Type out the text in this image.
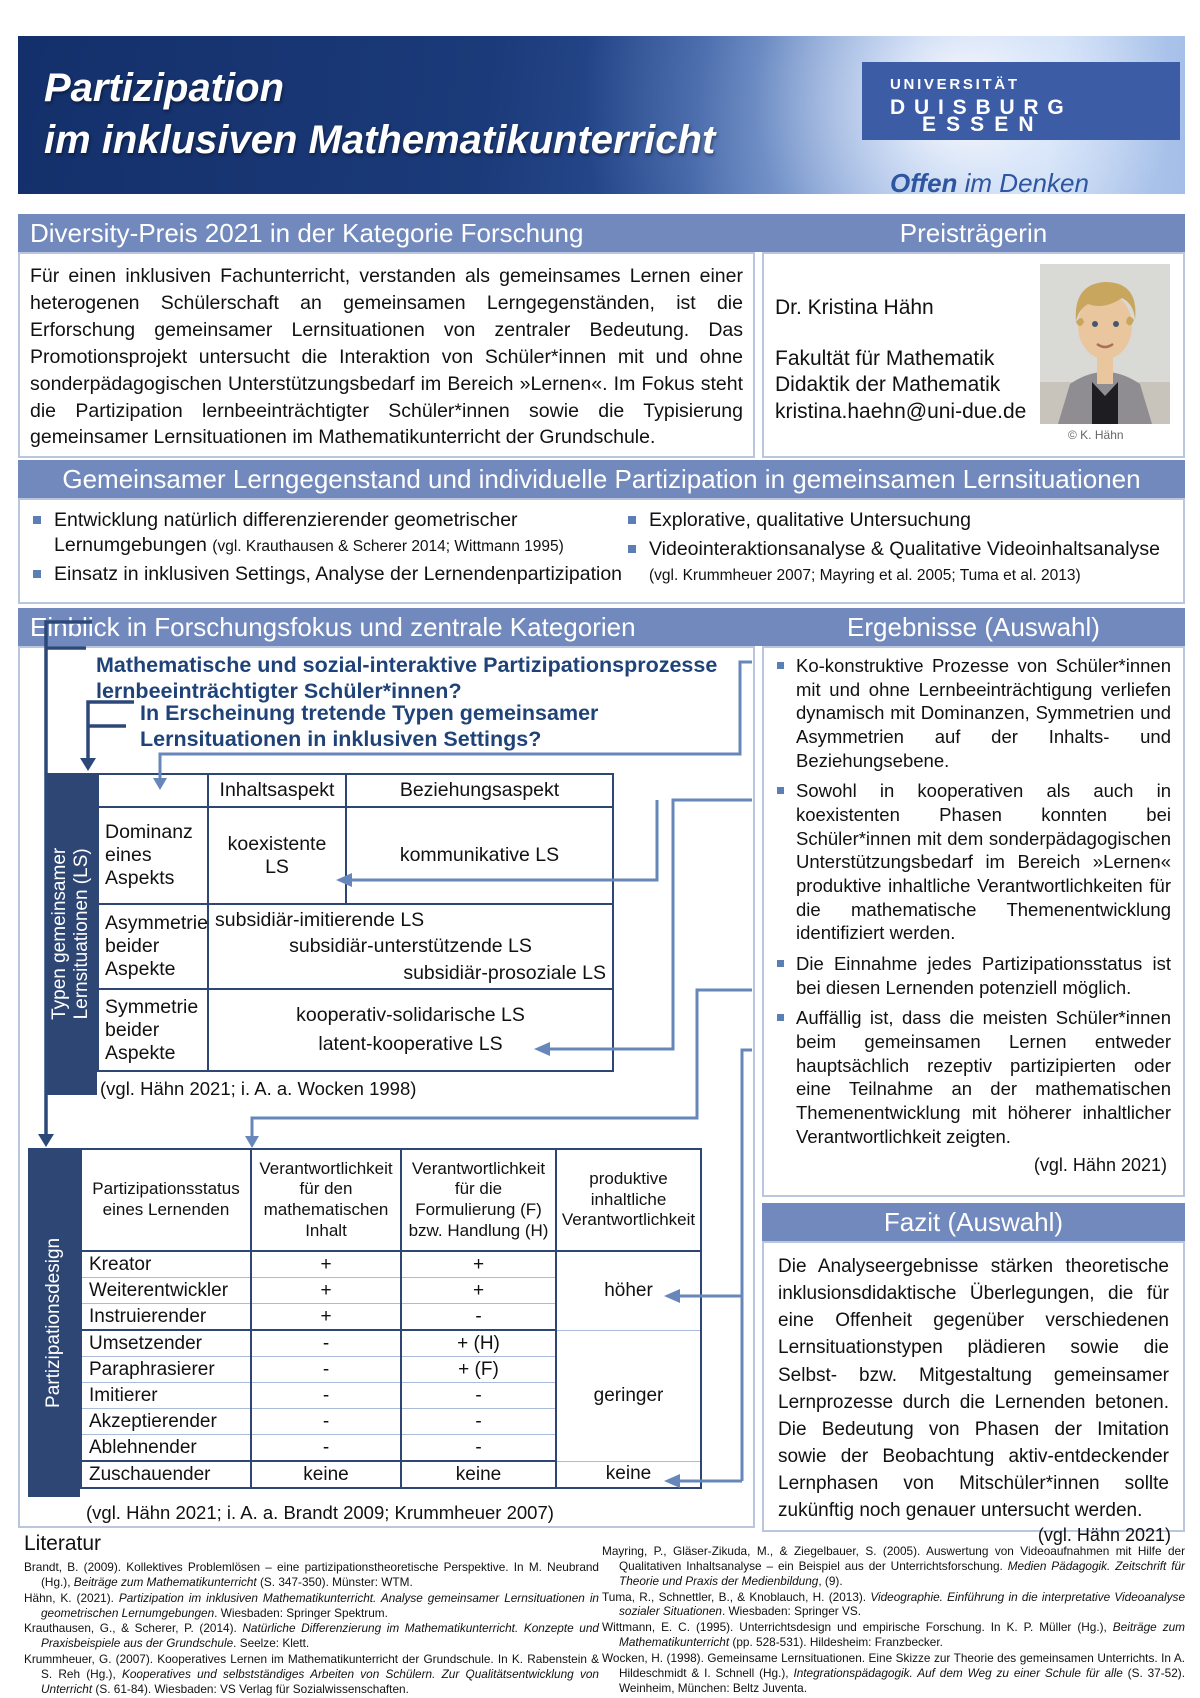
Partizipation
im inklusiven Mathematikunterricht
UNIVERSITÄT
DUISBURG
ESSEN
Offen im Denken
Diversity-Preis 2021 in der Kategorie Forschung
Für einen inklusiven Fachunterricht, verstanden als gemeinsames Lernen einer heterogenen Schülerschaft an gemeinsamen Lerngegenständen, ist die Erforschung gemeinsamer Lernsituationen von zentraler Bedeutung. Das Promotionsprojekt untersucht die Interaktion von Schüler*innen mit und ohne sonderpädagogischen Unterstützungsbedarf im Bereich »Lernen«. Im Fokus steht die Partizipation lernbeeinträchtigter Schüler*innen sowie die Typisierung gemeinsamer Lernsituationen im Mathematikunterricht der Grundschule.
Preisträgerin
Dr. Kristina Hähn
Fakultät für Mathematik
Didaktik der Mathematik
kristina.haehn@uni-due.de
© K. Hähn
Gemeinsamer Lerngegenstand und individuelle Partizipation in gemeinsamen Lernsituationen
Entwicklung natürlich differenzierender geometrischer Lernumgebungen (vgl. Krauthausen & Scherer 2014; Wittmann 1995)
Einsatz in inklusiven Settings, Analyse der Lernendenpartizipation
Explorative, qualitative Untersuchung
Videointeraktionsanalyse & Qualitative Videoinhaltsanalyse (vgl. Krummheuer 2007; Mayring et al. 2005; Tuma et al. 2013)
Einblick in Forschungsfokus und zentrale Kategorien
Mathematische und sozial-interaktive Partizipationsprozesse lernbeeinträchtigter Schüler*innen?
In Erscheinung tretende Typen gemeinsamer Lernsituationen in inklusiven Settings?
Typen gemeinsamer Lernsituationen (LS)
	Inhaltsaspekt	Beziehungsaspekt
Dominanz eines Aspekts	koexistente LS	kommunikative LS
Asymmetrie beider Aspekte	subsidiär-imitierende LS
subsidiär-unterstützende LS
subsidiär-prosoziale LS	

Symmetrie beider Aspekte	kooperativ-solidarische LS
latent-kooperative LS	
(vgl. Hähn 2021; i. A. a. Wocken 1998)
Partizipationsdesign
Partizipationsstatus eines Lernenden	Verantwortlichkeit für den mathematischen Inhalt	Verantwortlichkeit für die Formulierung (F) bzw. Handlung (H)	produktive inhaltliche Verantwortlichkeit
Kreator	+	+	höher
Weiterentwickler	+	+	
Instruierender	+	-	
Umsetzender	-	+ (H)	geringer
Paraphrasierer	-	+ (F)	
Imitierer	-	-	
Akzeptierender	-	-	
Ablehnender	-	-	
Zuschauender	keine	keine	keine
(vgl. Hähn 2021; i. A. a. Brandt 2009; Krummheuer 2007)
Ergebnisse (Auswahl)
Ko-konstruktive Prozesse von Schüler*innen mit und ohne Lernbeeinträchtigung verliefen dynamisch mit Dominanzen, Symmetrien und Asymmetrien auf der Inhalts- und Beziehungsebene.
Sowohl in kooperativen als auch in koexistenten Phasen konnten bei Schüler*innen mit dem sonderpädagogischen Unterstützungsbedarf im Bereich »Lernen« produktive inhaltliche Verantwortlichkeiten für die mathematische Themenentwicklung identifiziert werden.
Die Einnahme jedes Partizipationsstatus ist bei diesen Lernenden potenziell möglich.
Auffällig ist, dass die meisten Schüler*innen beim gemeinsamen Lernen entweder hauptsächlich rezeptiv partizipierten oder eine Teilnahme an der mathematischen Themenentwicklung mit höherer inhaltlicher Verantwortlichkeit zeigten.
(vgl. Hähn 2021)
Fazit (Auswahl)
Die Analyseergebnisse stärken theoretische inklusionsdidaktische Überlegungen, die für eine Offenheit gegenüber verschiedenen Lernsituationstypen plädieren sowie die Selbst- bzw. Mitgestaltung gemeinsamer Lernprozesse durch die Lernenden betonen. Die Bedeutung von Phasen der Imitation sowie der Beobachtung aktiv-entdeckender Lernphasen von Mitschüler*innen sollte zukünftig noch genauer untersucht werden.
(vgl. Hähn 2021)
Literatur
Brandt, B. (2009). Kollektives Problemlösen – eine partizipationstheoretische Perspektive. In M. Neubrand (Hg.), Beiträge zum Mathematikunterricht (S. 347-350). Münster: WTM.
Hähn, K. (2021). Partizipation im inklusiven Mathematikunterricht. Analyse gemeinsamer Lernsituationen in geometrischen Lernumgebungen. Wiesbaden: Springer Spektrum.
Krauthausen, G., & Scherer, P. (2014). Natürliche Differenzierung im Mathematikunterricht. Konzepte und Praxisbeispiele aus der Grundschule. Seelze: Klett.
Krummheuer, G. (2007). Kooperatives Lernen im Mathematikunterricht der Grundschule. In K. Rabenstein & S. Reh (Hg.), Kooperatives und selbstständiges Arbeiten von Schülern. Zur Qualitätsentwicklung von Unterricht (S. 61-84). Wiesbaden: VS Verlag für Sozialwissenschaften.
Mayring, P., Gläser-Zikuda, M., & Ziegelbauer, S. (2005). Auswertung von Videoaufnahmen mit Hilfe der Qualitativen Inhaltsanalyse – ein Beispiel aus der Unterrichtsforschung. Medien Pädagogik. Zeitschrift für Theorie und Praxis der Medienbildung, (9).
Tuma, R., Schnettler, B., & Knoblauch, H. (2013). Videographie. Einführung in die interpretative Videoanalyse sozialer Situationen. Wiesbaden: Springer VS.
Wittmann, E. C. (1995). Unterrichtsdesign und empirische Forschung. In K. P. Müller (Hg.), Beiträge zum Mathematikunterricht (pp. 528-531). Hildesheim: Franzbecker.
Wocken, H. (1998). Gemeinsame Lernsituationen. Eine Skizze zur Theorie des gemeinsamen Unterrichts. In A. Hildeschmidt & I. Schnell (Hg.), Integrationspädagogik. Auf dem Weg zu einer Schule für alle (S. 37-52). Weinheim, München: Beltz Juventa.
